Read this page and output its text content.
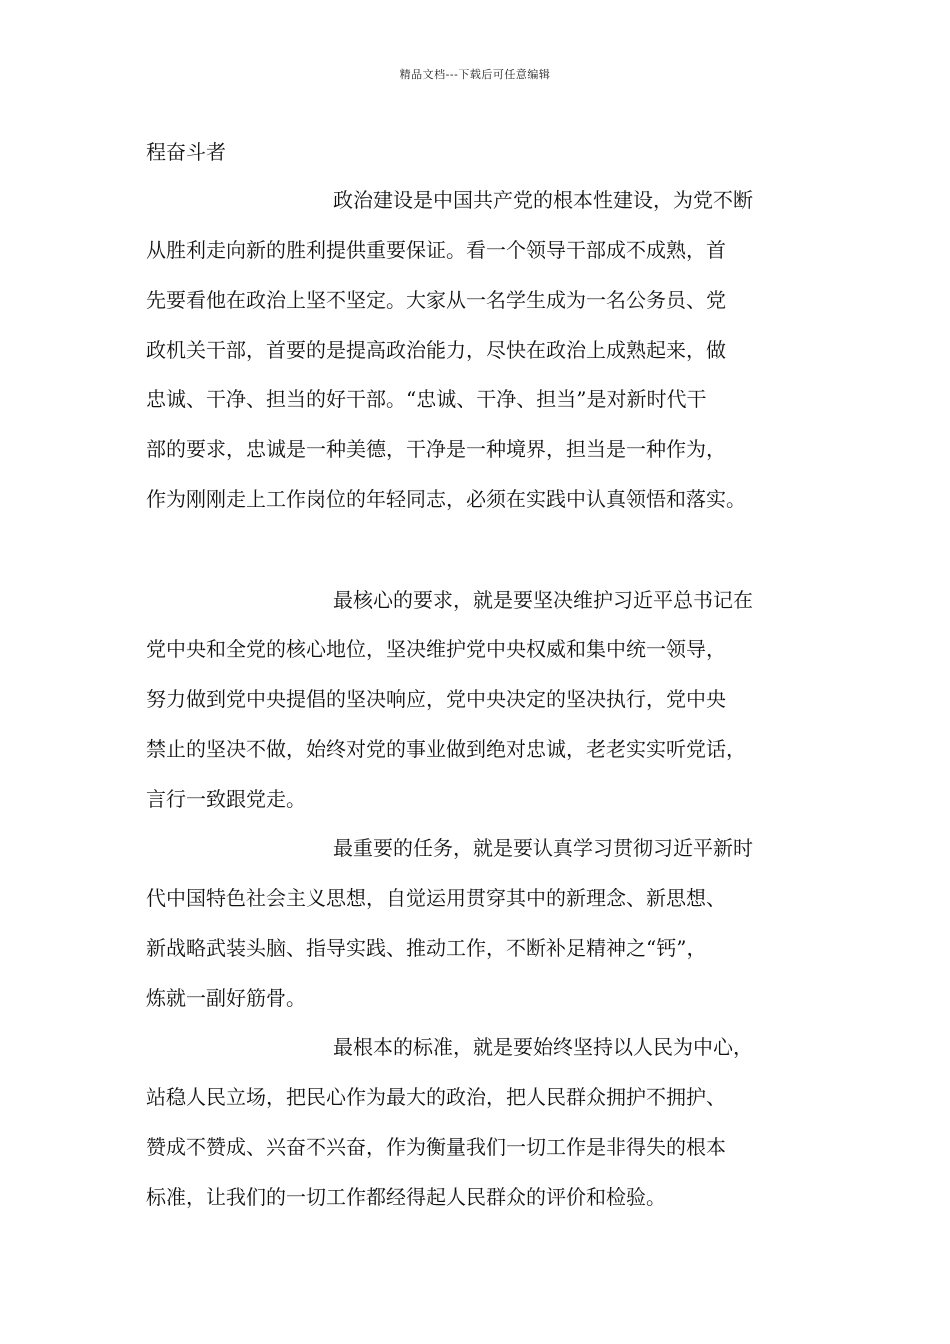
精品文档---下载后可任意编辑
程奋斗者
政治建设是中国共产党的根本性建设，为党不断
从胜利走向新的胜利提供重要保证。看一个领导干部成不成熟，首
先要看他在政治上坚不坚定。大家从一名学生成为一名公务员、党
政机关干部，首要的是提高政治能力，尽快在政治上成熟起来，做
忠诚、干净、担当的好干部。“忠诚、干净、担当”是对新时代干
部的要求，忠诚是一种美德，干净是一种境界，担当是一种作为，
作为刚刚走上工作岗位的年轻同志，必须在实践中认真领悟和落实。
最核心的要求，就是要坚决维护习近平总书记在
党中央和全党的核心地位，坚决维护党中央权威和集中统一领导，
努力做到党中央提倡的坚决响应，党中央决定的坚决执行，党中央
禁止的坚决不做，始终对党的事业做到绝对忠诚，老老实实听党话，
言行一致跟党走。
最重要的任务，就是要认真学习贯彻习近平新时
代中国特色社会主义思想，自觉运用贯穿其中的新理念、新思想、
新战略武装头脑、指导实践、推动工作，不断补足精神之“钙”，
炼就一副好筋骨。
最根本的标准，就是要始终坚持以人民为中心，
站稳人民立场，把民心作为最大的政治，把人民群众拥护不拥护、
赞成不赞成、兴奋不兴奋，作为衡量我们一切工作是非得失的根本
标准，让我们的一切工作都经得起人民群众的评价和检验。
